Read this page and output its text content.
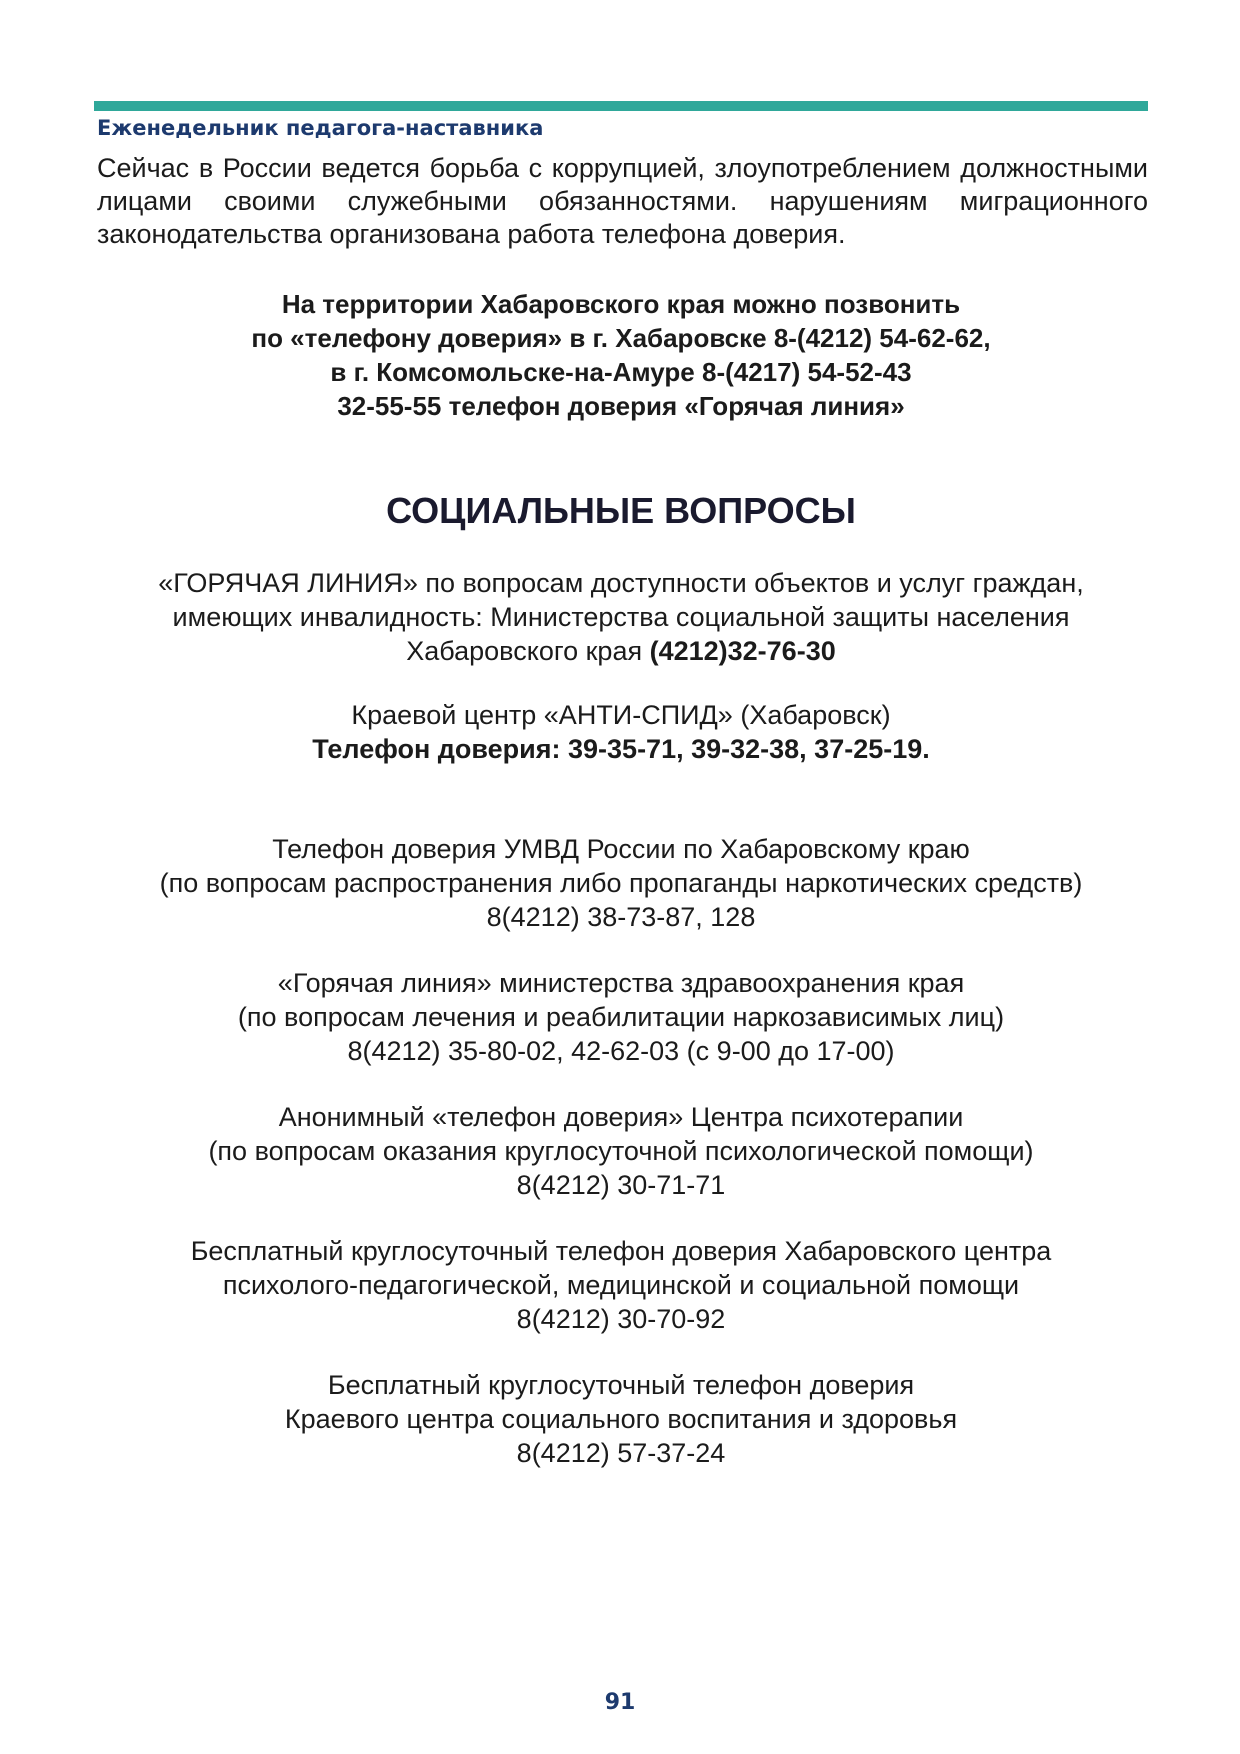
Еженедельник педагога-наставника

Сейчас в России ведется борьба с коррупцией, злоупотреблением должностными лицами своими служебными обязанностями. нарушениям миграционного законодательства организована работа телефона доверия.

На территории Хабаровского края можно позвонить
по «телефону доверия» в г. Хабаровске 8-(4212) 54-62-62,
в г. Комсомольске-на-Амуре 8-(4217) 54-52-43
32-55-55 телефон доверия «Горячая линия»
СОЦИАЛЬНЫЕ ВОПРОСЫ
«ГОРЯЧАЯ ЛИНИЯ» по вопросам доступности объектов и услуг граждан,
имеющих инвалидность: Министерства социальной защиты населения
Хабаровского края (4212)32-76-30
Краевой центр «АНТИ-СПИД» (Хабаровск)
Телефон доверия: 39-35-71, 39-32-38, 37-25-19.
Телефон доверия УМВД России по Хабаровскому краю
(по вопросам распространения либо пропаганды наркотических средств)
8(4212) 38-73-87, 128
«Горячая линия» министерства здравоохранения края
(по вопросам лечения и реабилитации наркозависимых лиц)
8(4212) 35-80-02, 42-62-03 (с 9-00 до 17-00)
Анонимный «телефон доверия» Центра психотерапии
(по вопросам оказания круглосуточной психологической помощи)
8(4212) 30-71-71
Бесплатный круглосуточный телефон доверия Хабаровского центра
психолого-педагогической, медицинской и социальной помощи
8(4212) 30-70-92
Бесплатный круглосуточный телефон доверия
Краевого центра социального воспитания и здоровья
8(4212) 57-37-24
91
